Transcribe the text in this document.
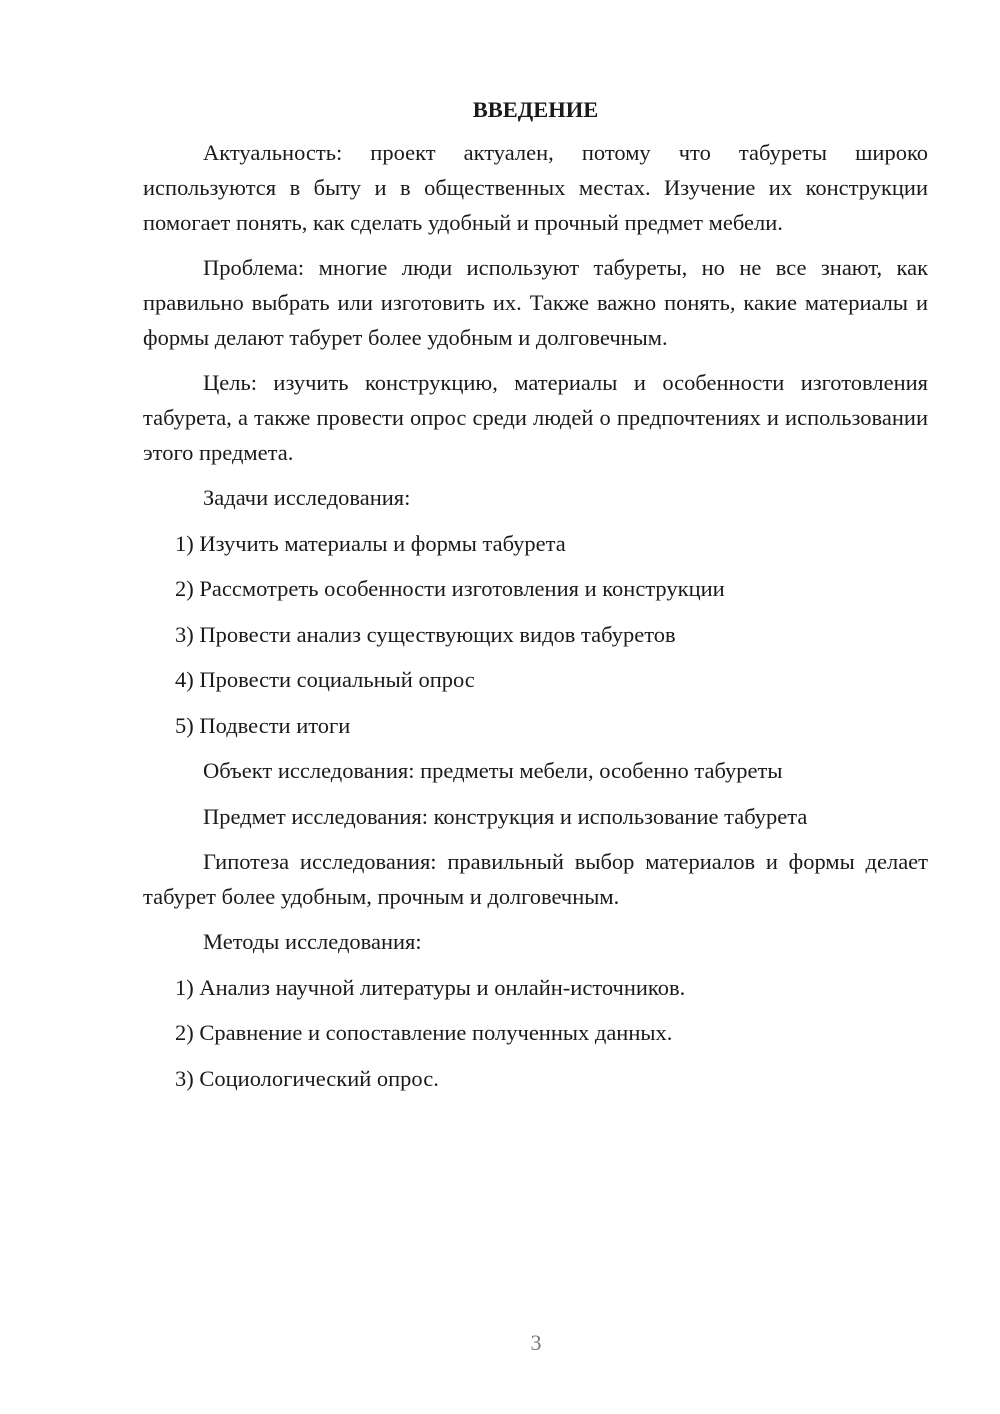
ВВЕДЕНИЕ

Актуальность: проект актуален, потому что табуреты широко используются в быту и в общественных местах. Изучение их конструкции помогает понять, как сделать удобный и прочный предмет мебели.

Проблема: многие люди используют табуреты, но не все знают, как правильно выбрать или изготовить их. Также важно понять, какие материалы и формы делают табурет более удобным и долговечным.

Цель: изучить конструкцию, материалы и особенности изготовления табурета, а также провести опрос среди людей о предпочтениях и использовании этого предмета.

Задачи исследования:

1) Изучить материалы и формы табурета

2) Рассмотреть особенности изготовления и конструкции

3) Провести анализ существующих видов табуретов

4) Провести социальный опрос

5) Подвести итоги

Объект исследования: предметы мебели, особенно табуреты

Предмет исследования: конструкция и использование табурета

Гипотеза исследования: правильный выбор материалов и формы делает табурет более удобным, прочным и долговечным.

Методы исследования:

1) Анализ научной литературы и онлайн-источников.

2) Сравнение и сопоставление полученных данных.

3) Социологический опрос.

3
